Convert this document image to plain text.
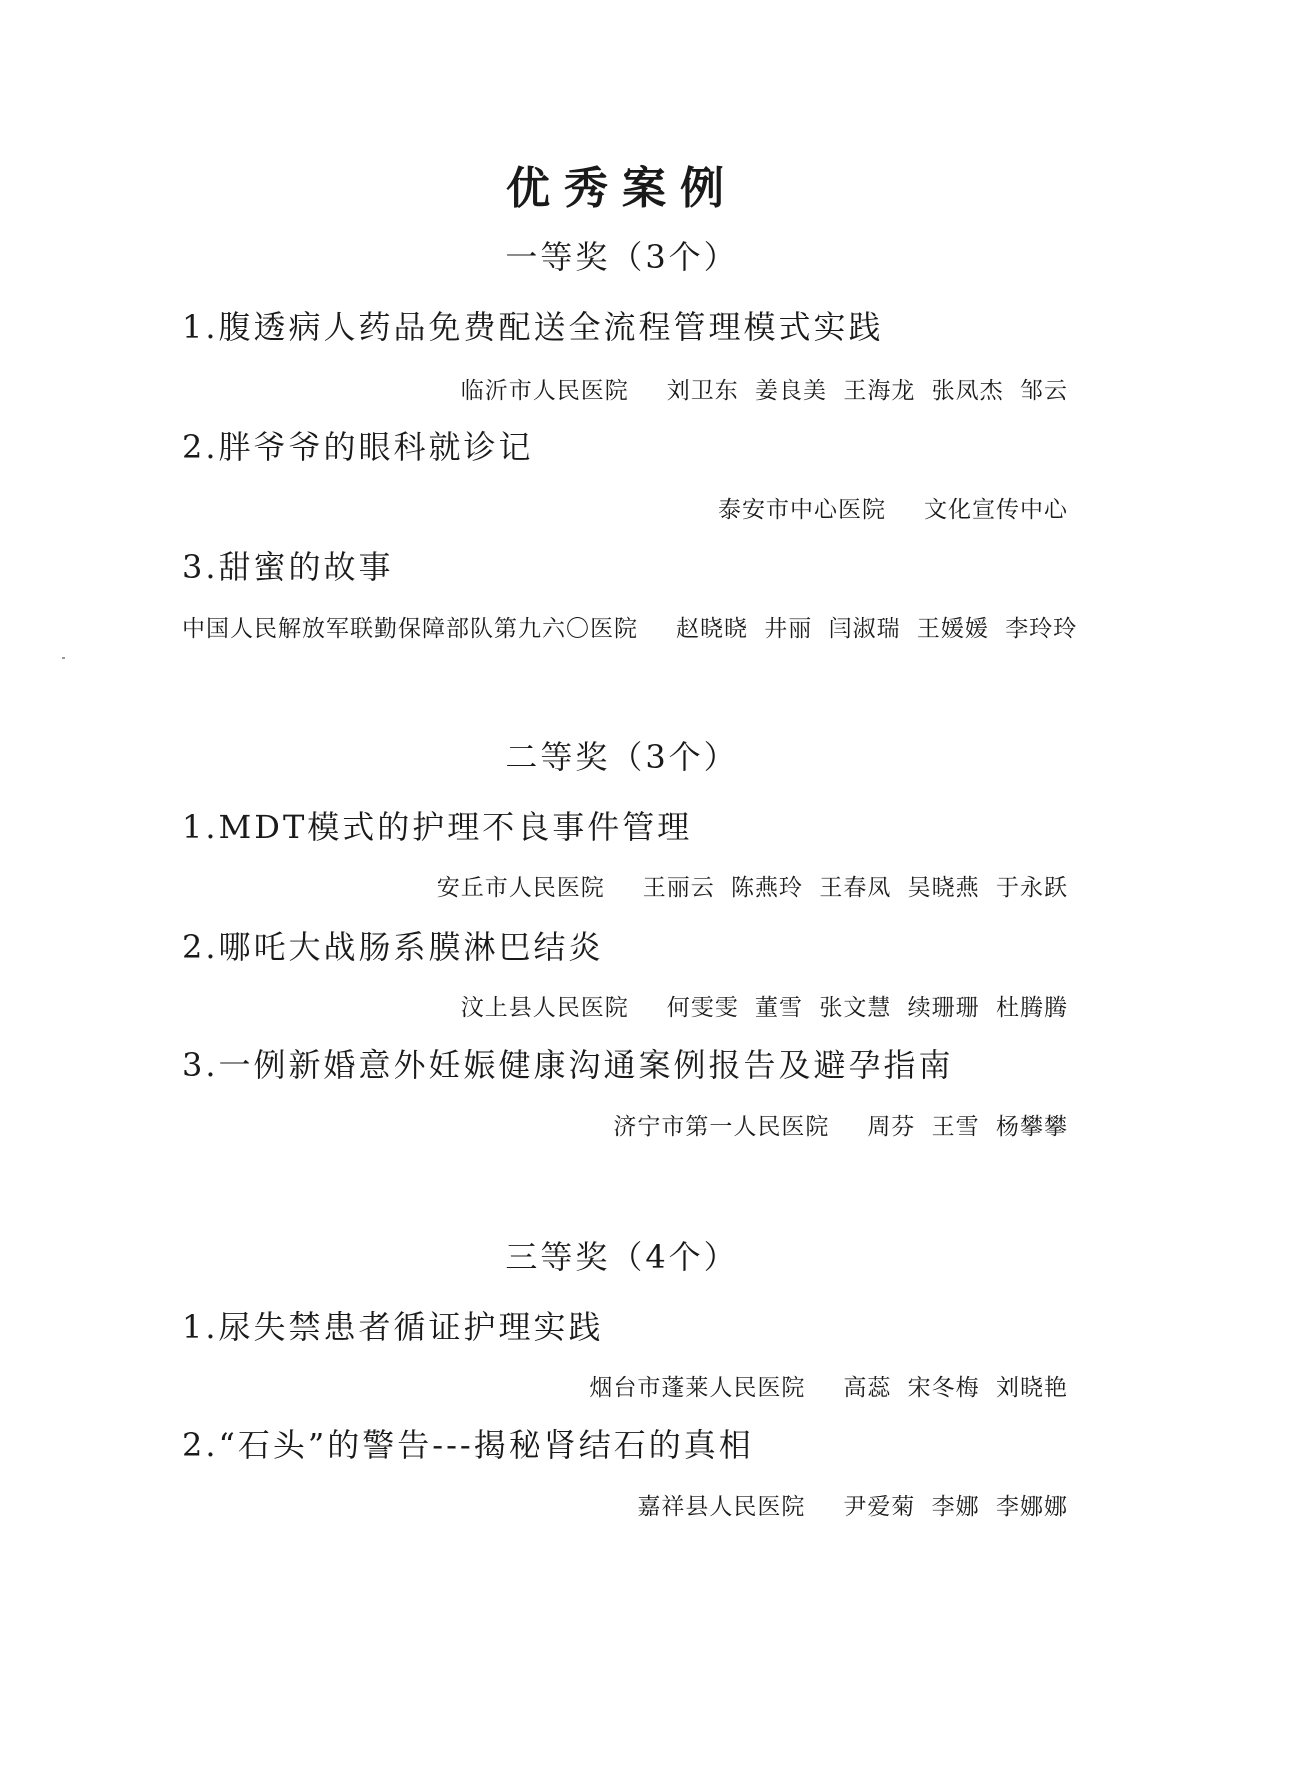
优秀案例
一等奖（3个）
1.腹透病人药品免费配送全流程管理模式实践
临沂市人民医院 刘卫东 姜良美 王海龙 张凤杰 邹云
2.胖爷爷的眼科就诊记
泰安市中心医院 文化宣传中心
3.甜蜜的故事
中国人民解放军联勤保障部队第九六〇医院 赵晓晓 井丽 闫淑瑞 王媛媛 李玲玲
二等奖（3个）
1.MDT模式的护理不良事件管理
安丘市人民医院 王丽云 陈燕玲 王春凤 吴晓燕 于永跃
2.哪吒大战肠系膜淋巴结炎
汶上县人民医院 何雯雯 董雪 张文慧 续珊珊 杜腾腾
3.一例新婚意外妊娠健康沟通案例报告及避孕指南
济宁市第一人民医院 周芬 王雪 杨攀攀
三等奖（4个）
1.尿失禁患者循证护理实践
烟台市蓬莱人民医院 高蕊 宋冬梅 刘晓艳
2.“石头”的警告---揭秘肾结石的真相
嘉祥县人民医院 尹爱菊 李娜 李娜娜
